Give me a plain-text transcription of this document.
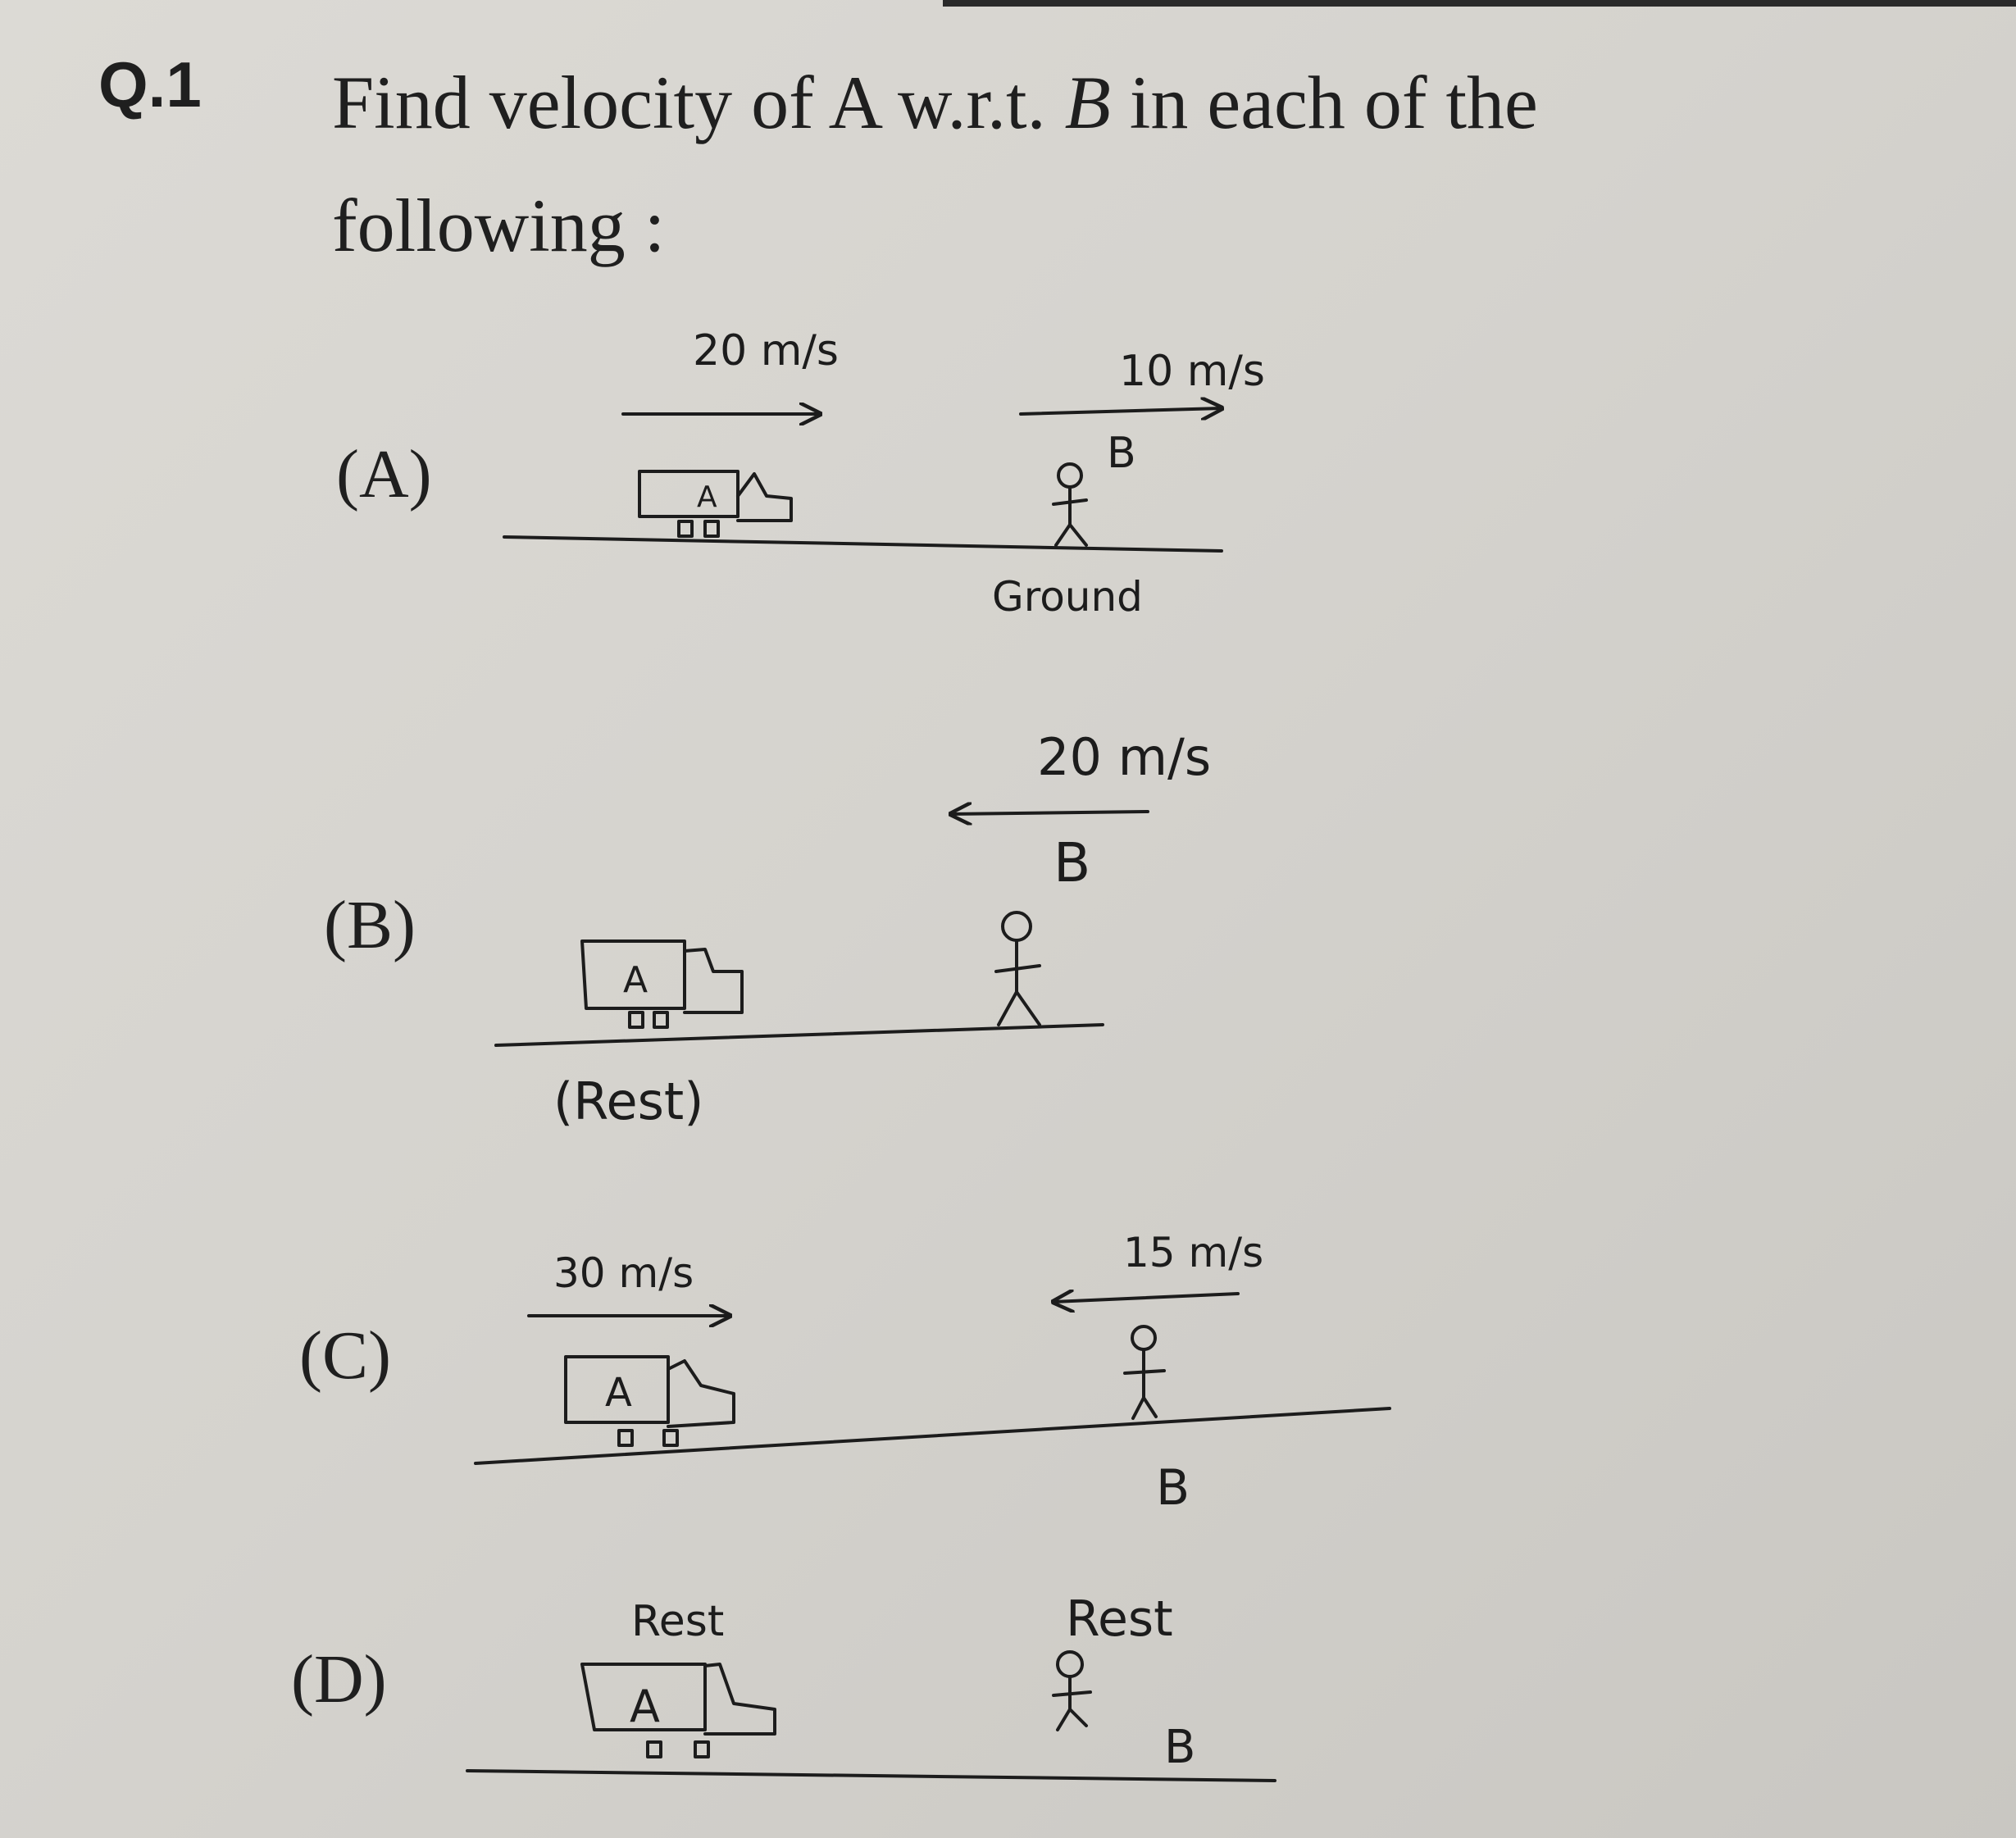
Q.1 Find velocity of A w.r.t. B in each of the
following :
(A)
(B)
(C)
(D)
20 m/s	10 m/s
B
A
Ground
20 m/s
B
A
(Rest)
30 m/s	15 m/s
A
B
Rest	Rest
A
B
